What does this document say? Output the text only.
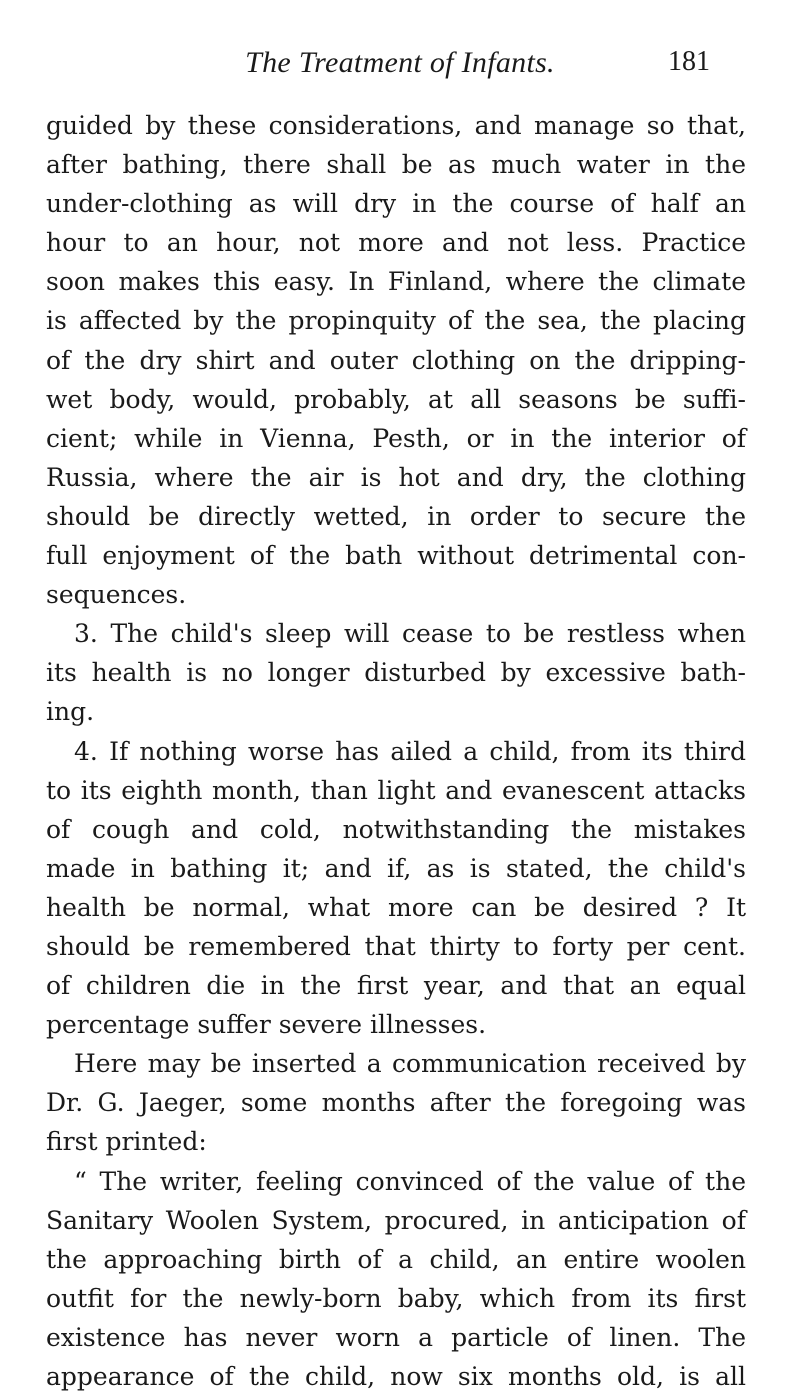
The Treatment of Infants.	181
guided by these considerations, and manage so that,
after bathing, there shall be as much water in the
under-clothing as will dry in the course of half an
hour to an hour, not more and not less. Practice
soon makes this easy. In Finland, where the climate
is affected by the propinquity of the sea, the placing
of the dry shirt and outer clothing on the dripping-
wet body, would, probably, at all seasons be suffi-
cient; while in Vienna, Pesth, or in the interior of
Russia, where the air is hot and dry, the clothing
should be directly wetted, in order to secure the
full enjoyment of the bath without detrimental con-
sequences.
3. The child's sleep will cease to be restless when
its health is no longer disturbed by excessive bath-
ing.
4. If nothing worse has ailed a child, from its third
to its eighth month, than light and evanescent attacks
of cough and cold, notwithstanding the mistakes
made in bathing it; and if, as is stated, the child's
health be normal, what more can be desired ? It
should be remembered that thirty to forty per cent.
of children die in the first year, and that an equal
percentage suffer severe illnesses.
Here may be inserted a communication received by
Dr. G. Jaeger, some months after the foregoing was
first printed:
“ The writer, feeling convinced of the value of the
Sanitary Woolen System, procured, in anticipation of
the approaching birth of a child, an entire woolen
outfit for the newly-born baby, which from its first
existence has never worn a particle of linen. The
appearance of the child, now six months old, is all
